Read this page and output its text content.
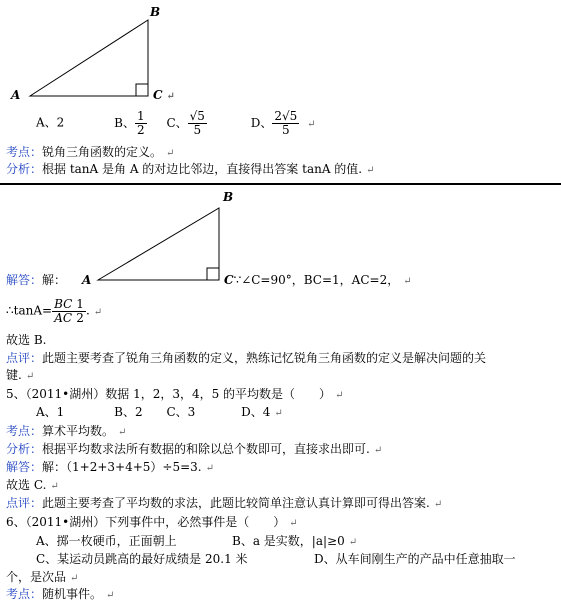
B
A	C ↵
A、2	B、 $\frac{1}{2}$ C、 $\frac{√5}{5}$	D、 $\frac{2√5}{5}$ ↵
考点：锐角三角函数的定义。 ↵
分析：根据 tanA 是角 A 的对边比邻边，直接得出答案 tanA 的值. ↵
B
解答：解： A	C∵∠C=90°，BC=1，AC=2， ↵
∴tanA= $\frac{BC}{AC} \frac{1}{2}$ . ↵
故选 B.
点评：此题主要考查了锐角三角函数的定义，熟练记忆锐角三角函数的定义是解决问题的关
键. ↵
5、（2011•湖州）数据 1，2，3，4，5 的平均数是（　　） ↵
A、1	B、2 C、3	D、4 ↵
考点：算术平均数。 ↵
分析：根据平均数求法所有数据的和除以总个数即可，直接求出即可. ↵
解答：解：（1+2+3+4+5）÷5=3. ↵
故选 C. ↵
点评：此题主要考查了平均数的求法，此题比较简单注意认真计算即可得出答案. ↵
6、（2011•湖州）下列事件中，必然事件是（　　） ↵
A、掷一枚硬币，正面朝上	B、a 是实数，|a|≥0 ↵
C、某运动员跳高的最好成绩是 20.1 米	D、从车间刚生产的产品中任意抽取一
个，是次品 ↵
考点：随机事件。 ↵
